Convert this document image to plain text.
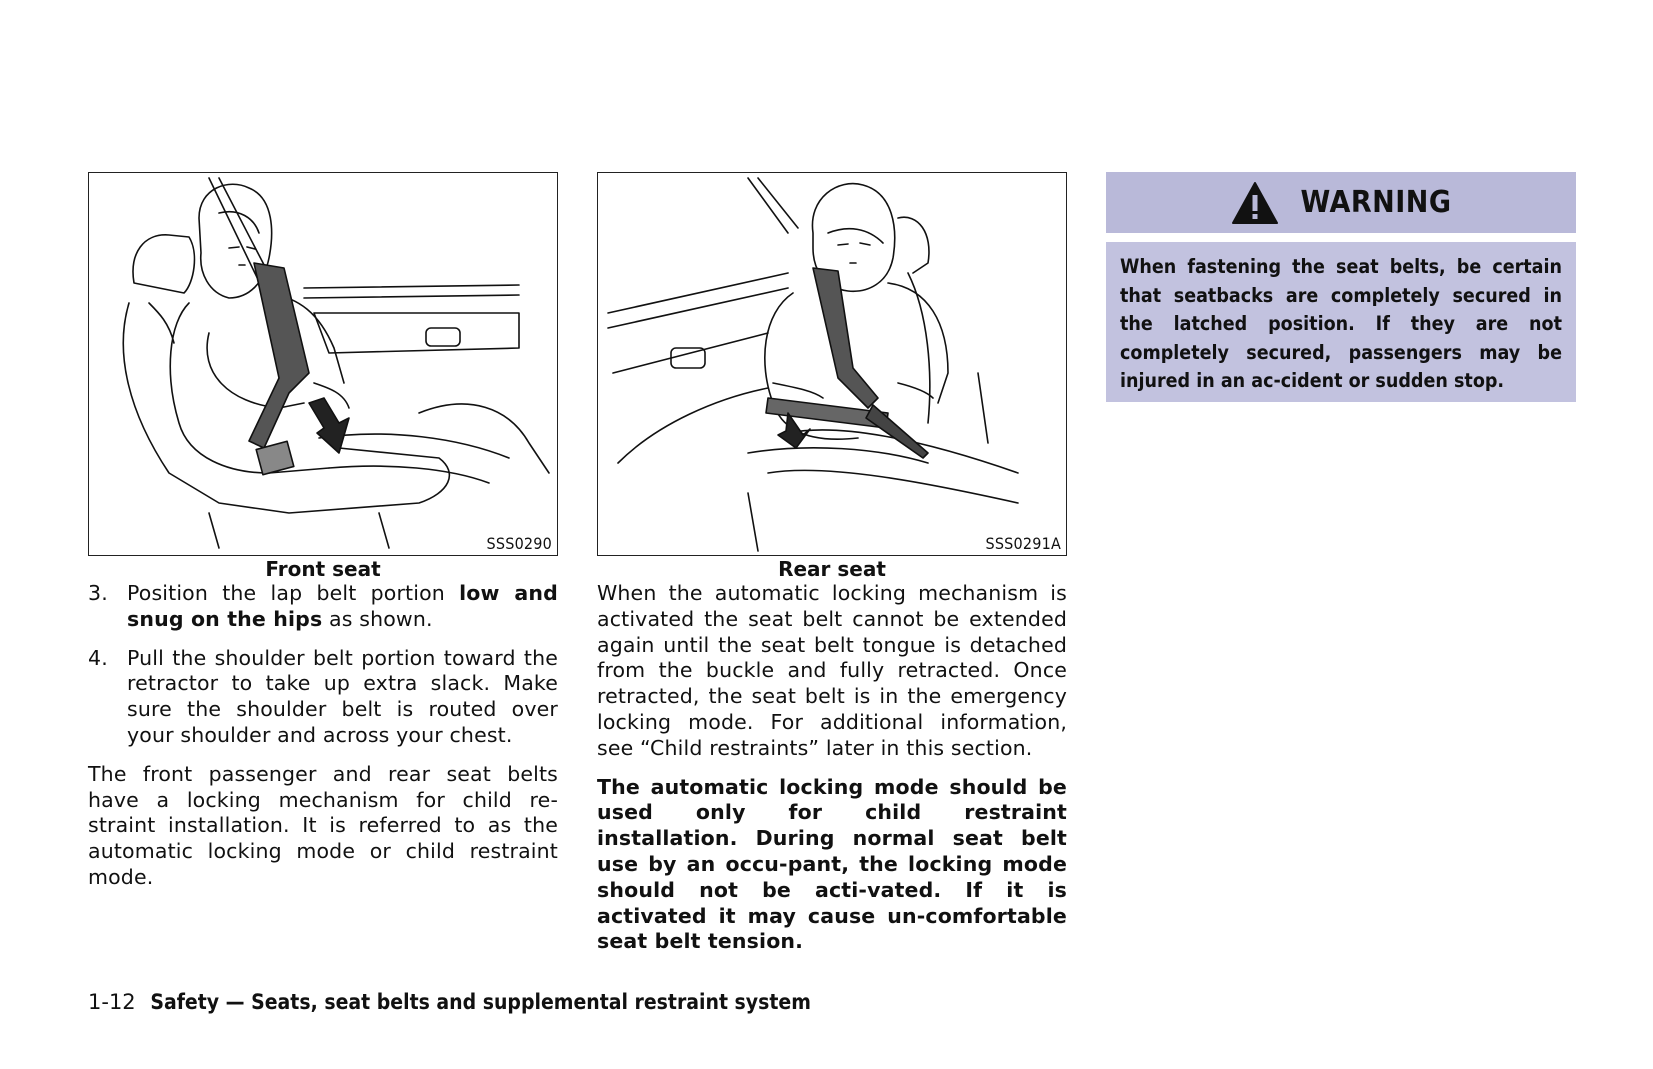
SSS0290
Front seat
3. Position the lap belt portion low and snug on the hips as shown.
4. Pull the shoulder belt portion toward the retractor to take up extra slack. Make sure the shoulder belt is routed over your shoulder and across your chest.

The front passenger and rear seat belts have a locking mechanism for child re-straint installation. It is referred to as the automatic locking mode or child restraint mode.

SSS0291A
Rear seat

When the automatic locking mechanism is activated the seat belt cannot be extended again until the seat belt tongue is detached from the buckle and fully retracted. Once retracted, the seat belt is in the emergency locking mode. For additional information, see “Child restraints” later in this section.

The automatic locking mode should be used only for child restraint installation. During normal seat belt use by an occu-pant, the locking mode should not be acti-vated. If it is activated it may cause un-comfortable seat belt tension.

WARNING
When fastening the seat belts, be certain that seatbacks are completely secured in the latched position. If they are not completely secured, passengers may be injured in an ac-cident or sudden stop.
1-12 Safety — Seats, seat belts and supplemental restraint system
